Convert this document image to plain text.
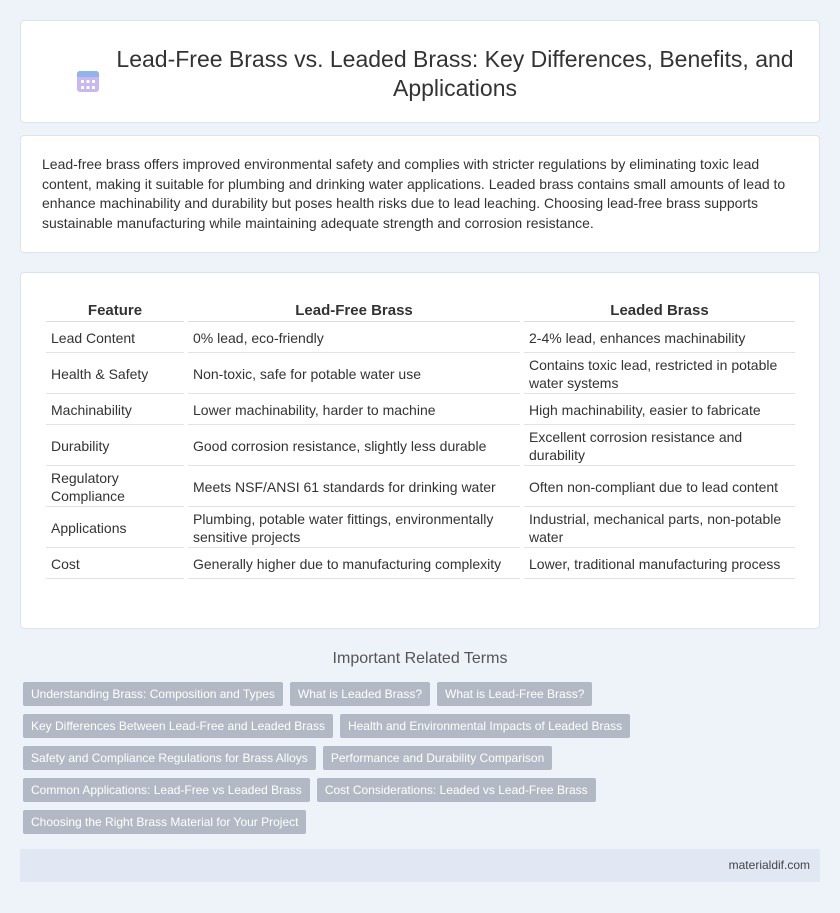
Lead-Free Brass vs. Leaded Brass: Key Differences, Benefits, and Applications

Lead-free brass offers improved environmental safety and complies with stricter regulations by eliminating toxic lead content, making it suitable for plumbing and drinking water applications. Leaded brass contains small amounts of lead to enhance machinability and durability but poses health risks due to lead leaching. Choosing lead-free brass supports sustainable manufacturing while maintaining adequate strength and corrosion resistance.

Feature	Lead-Free Brass	Leaded Brass
Lead Content	0% lead, eco-friendly	2-4% lead, enhances machinability
Health & Safety	Non-toxic, safe for potable water use	Contains toxic lead, restricted in potable water systems
Machinability	Lower machinability, harder to machine	High machinability, easier to fabricate
Durability	Good corrosion resistance, slightly less durable	Excellent corrosion resistance and durability
Regulatory Compliance	Meets NSF/ANSI 61 standards for drinking water	Often non-compliant due to lead content
Applications	Plumbing, potable water fittings, environmentally sensitive projects	Industrial, mechanical parts, non-potable water
Cost	Generally higher due to manufacturing complexity	Lower, traditional manufacturing process
Important Related Terms
Understanding Brass: Composition and Types	What is Leaded Brass?	What is Lead-Free Brass?
Key Differences Between Lead-Free and Leaded Brass	Health and Environmental Impacts of Leaded Brass
Safety and Compliance Regulations for Brass Alloys	Performance and Durability Comparison
Common Applications: Lead-Free vs Leaded Brass	Cost Considerations: Leaded vs Lead-Free Brass
Choosing the Right Brass Material for Your Project
materialdif.com
